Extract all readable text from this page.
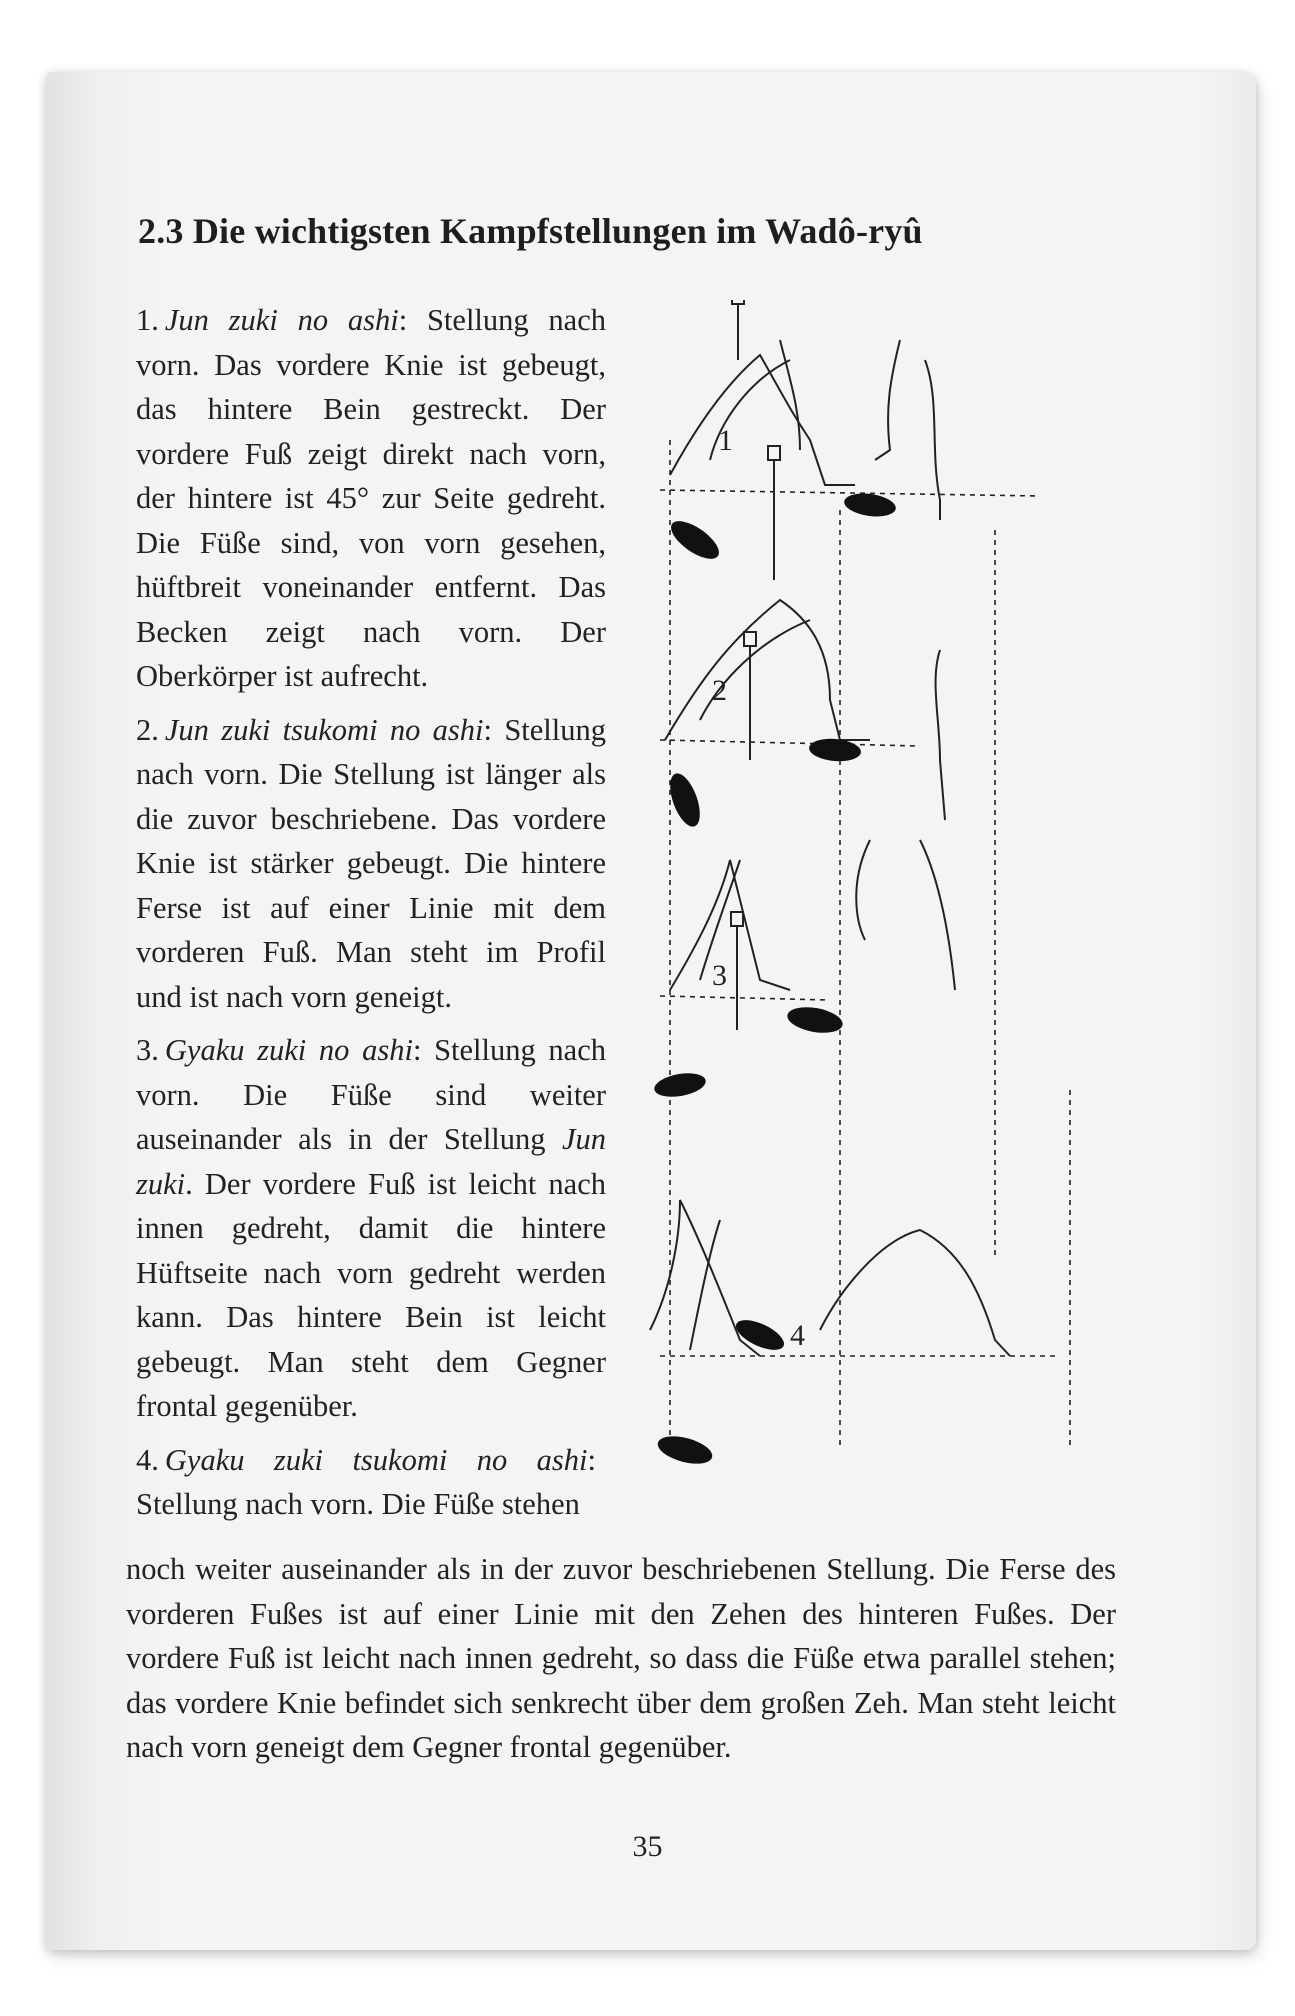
2.3 Die wichtigsten Kampfstellungen im Wadô-ryû

1. Jun zuki no ashi: Stellung nach vorn. Das vordere Knie ist gebeugt, das hintere Bein gestreckt. Der vordere Fuß zeigt direkt nach vorn, der hintere ist 45° zur Seite gedreht. Die Füße sind, von vorn gesehen, hüftbreit voneinander entfernt. Das Becken zeigt nach vorn. Der Oberkörper ist aufrecht.

2. Jun zuki tsukomi no ashi: Stellung nach vorn. Die Stellung ist länger als die zuvor beschriebene. Das vordere Knie ist stärker gebeugt. Die hintere Ferse ist auf einer Linie mit dem vorderen Fuß. Man steht im Profil und ist nach vorn geneigt.

3. Gyaku zuki no ashi: Stellung nach vorn. Die Füße sind weiter auseinander als in der Stellung Jun zuki. Der vordere Fuß ist leicht nach innen gedreht, damit die hintere Hüftseite nach vorn gedreht werden kann. Das hintere Bein ist leicht gebeugt. Man steht dem Gegner frontal gegenüber.

4. Gyaku zuki tsukomi no ashi: Stellung nach vorn. Die Füße stehen

noch weiter auseinander als in der zuvor beschriebenen Stellung. Die Ferse des vorderen Fußes ist auf einer Linie mit den Zehen des hinteren Fußes. Der vordere Fuß ist leicht nach innen gedreht, so dass die Füße etwa parallel stehen; das vordere Knie befindet sich senkrecht über dem großen Zeh. Man steht leicht nach vorn geneigt dem Gegner frontal gegenüber.

1
2
3
4
35
